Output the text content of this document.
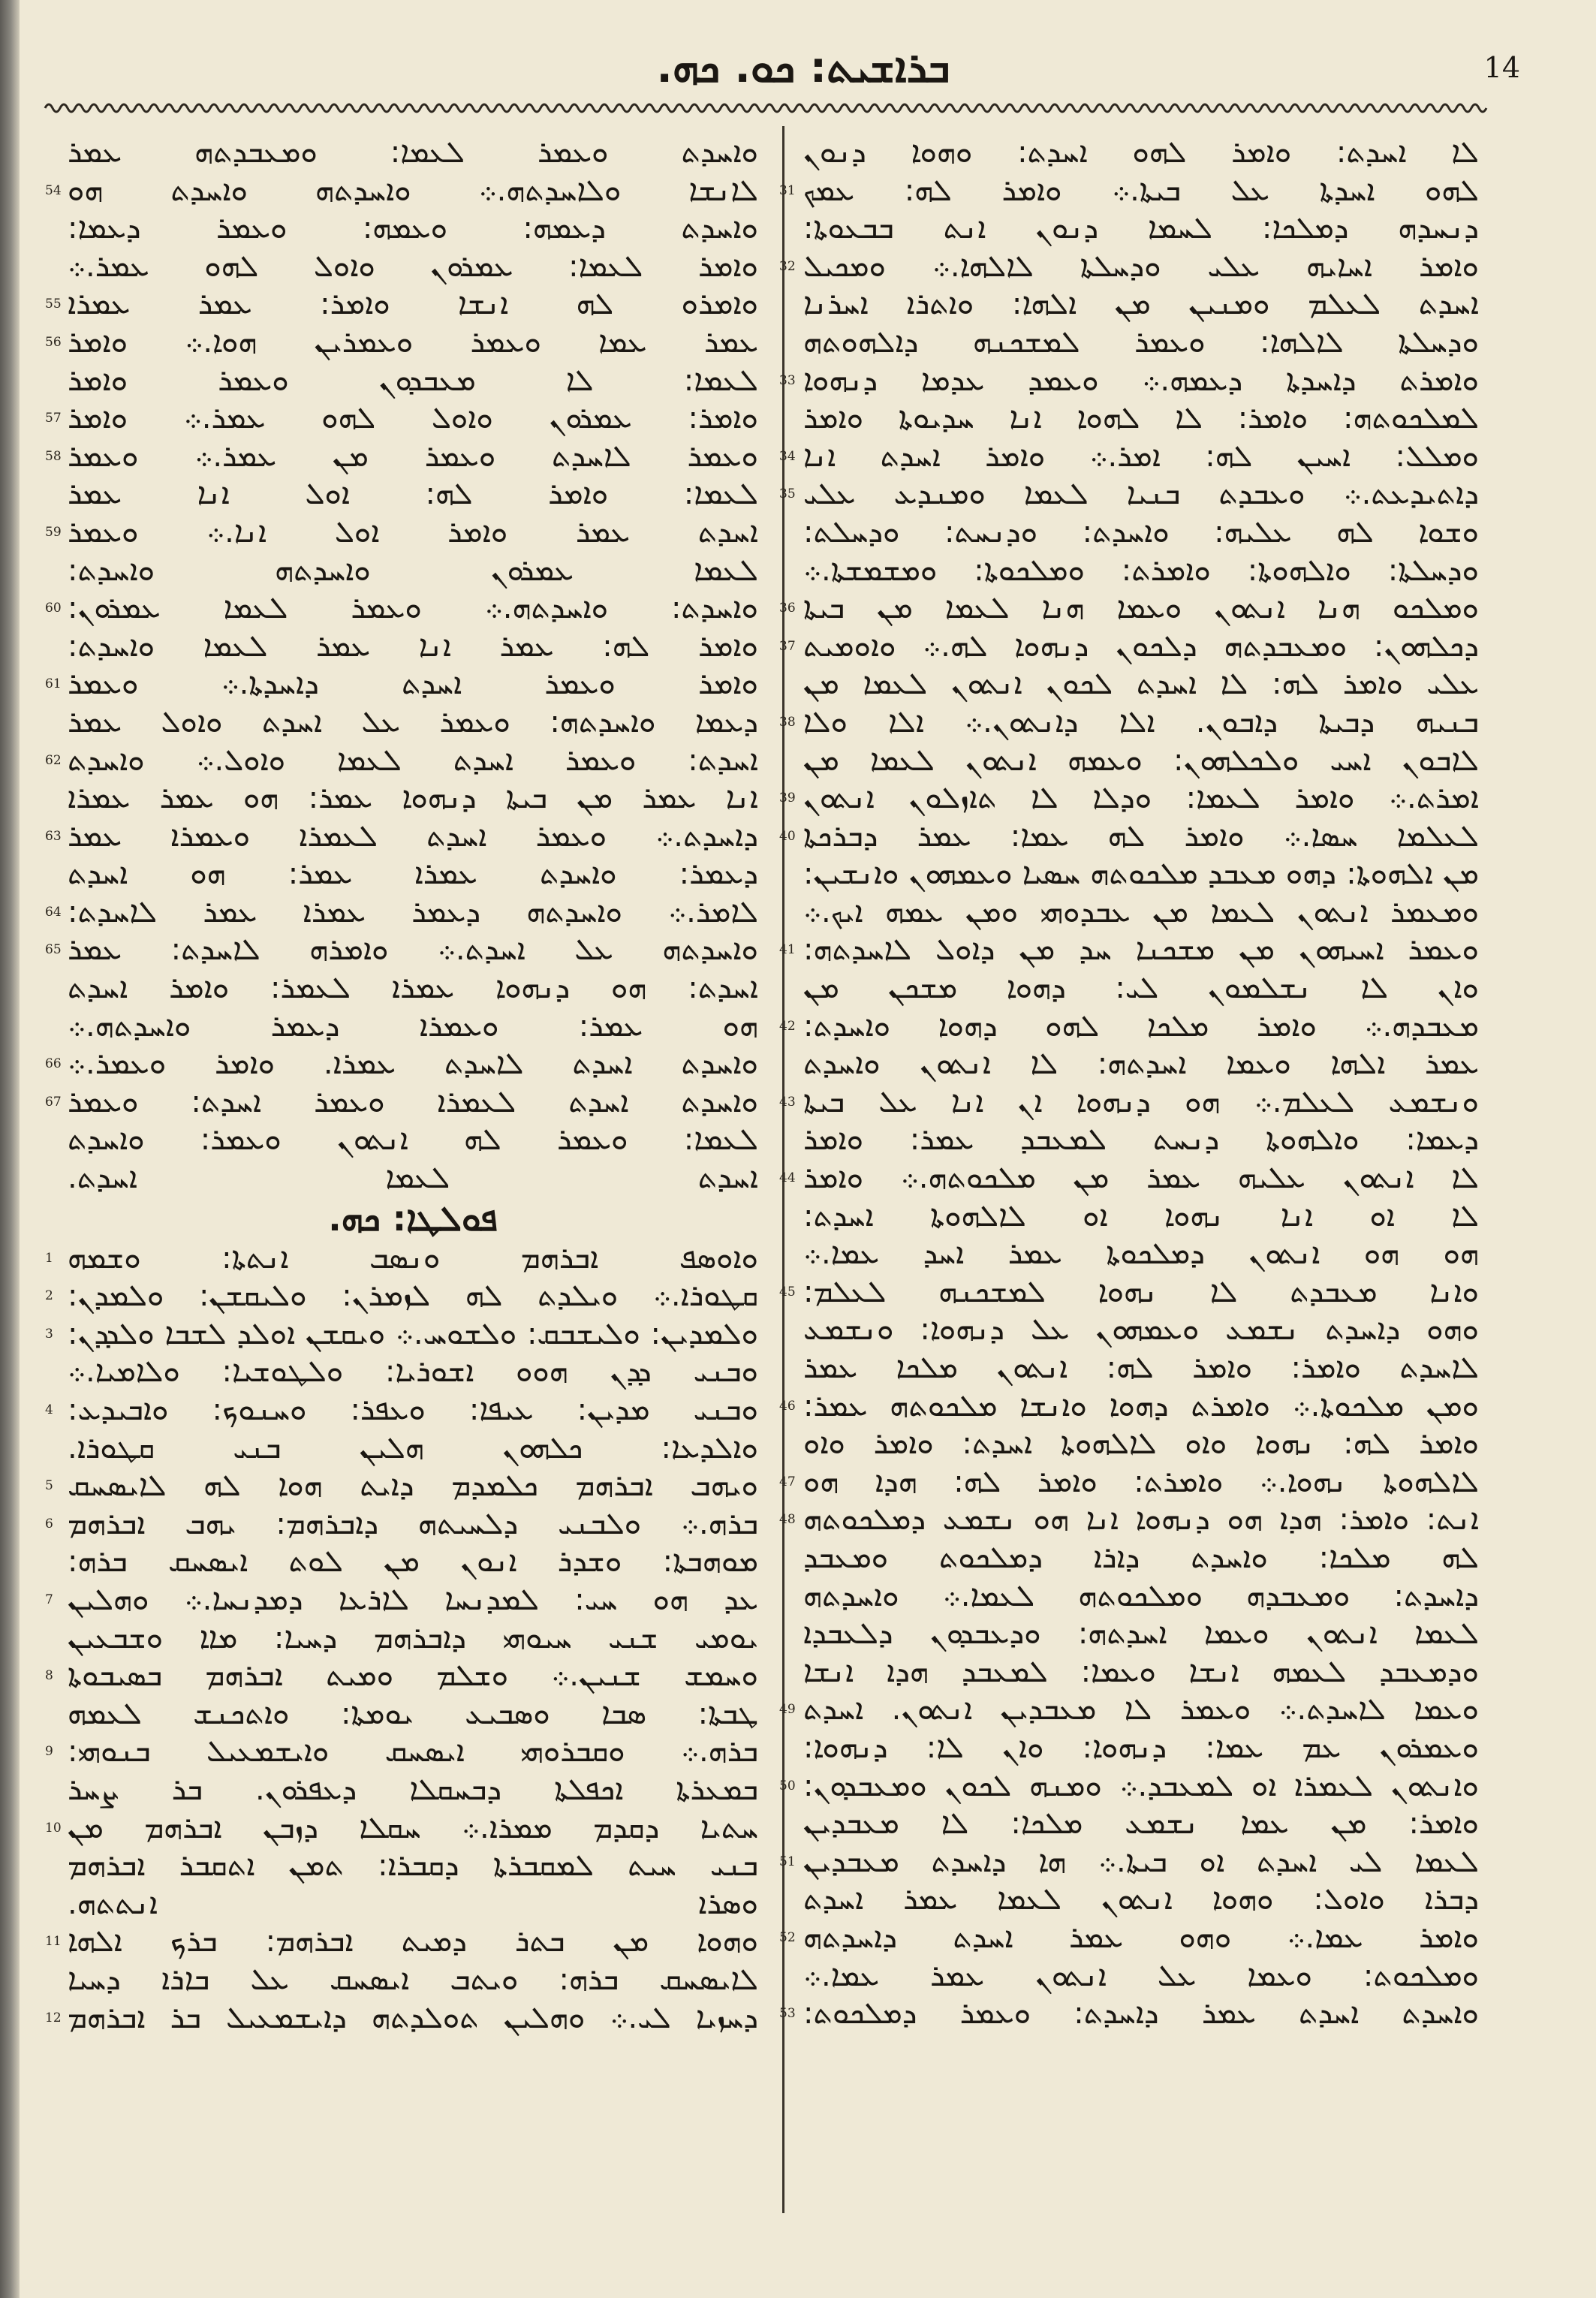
ܒܪܐܫܝܬ: ܟܘ. ܟܗ.	14
ܠܐ ܐܚܕܬ: ܘܐܡܪ ܠܗܘ ܐܚܕܬ: ܘܗܘܐ ܕܢܘܢ
ܠܗܘ ܐܚܕܬܐ ܥܠ ܒܝܬܐ.܀ ܘܐܡܪ ܠܗ: ܥܡܟ
31
ܕܢܚܕܗ ܕܡܠܟܐ: ܠܚܡܐ ܕܢܘܢ ܐܢܬ ܒܒܥܘܬܐ:
ܘܐܡܪ ܐܚܐܝܗ ܥܠܝ ܘܕܚܠܬܐ ܠܐܠܗܐ.܀ ܘܡܟܝܠ
32
ܐܚܕܬ ܠܥܠܡ ܘܡܢܝܢ ܡܢ ܐܠܗܐ: ܘܐܬܪܐ ܐܚܪܢܐ
ܘܕܚܠܬܐ ܠܐܠܗܐ: ܘܥܡܪ ܠܡܫܟܢܗ ܕܐܠܗܘܬܗ
ܘܐܡܪܬ ܕܐܚܕܬܐ ܕܥܡܗ.܀ ܘܥܡܕ ܥܕܡܐ ܕܢܗܘܐ
33
ܠܡܠܟܘܬܗ: ܘܐܡܪ: ܠܐ ܠܗܘܐ ܐܢܐ ܚܕܝܘܬܐ ܘܐܡܪ
ܘܡܠܠ: ܐܚܝܢ ܠܗ: ܐܡܪ.܀ ܘܐܡܪ ܐܚܕܬ ܐܢܐ
34
ܕܐܬܝܕܥܬ.܀ ܘܥܒܕܬ ܒܢܝܐ ܠܥܡܐ ܘܡܢܕܥ ܥܠܝ
35
ܘܫܘܐ ܠܗ ܥܠܝܗ: ܘܐܚܕܬ: ܘܕܢܚܬ: ܘܕܚܠܬ:
ܘܕܚܠܬܐ: ܘܐܠܗܘܬܐ: ܘܐܡܪܬ: ܘܡܠܟܘܬܐ: ܘܡܫܡܫܬܐ.܀
ܘܡܠܟܘ ܗܢܐ ܐܢܬܘܢ ܘܥܡܐ ܗܢܐ ܠܥܡܐ ܡܢ ܒܝܬܐ
36
ܕܟܠܗܘܢ: ܘܡܥܒܕܬܗ ܕܠܟܘܢ ܕܢܗܘܐ ܠܗ.܀ ܘܐܘܡܝܬ
37
ܥܠܝ ܘܐܡܪ ܠܗ: ܠܐ ܐܚܕܬ ܠܟܘܢ ܐܢܬܘܢ ܠܥܡܐ ܡܢ
ܒܢܝܗ ܕܒܝܬܐ ܕܐܒܘܢ. ܐܠܐ ܕܐܢܬܘܢ.܀ ܐܠܐ ܘܠܐ
38
ܠܐܒܘܢ ܐܚܝ ܘܠܟܠܗܘܢ: ܘܥܡܗ ܐܢܬܘܢ ܠܥܡܐ ܡܢ
ܐܡܪܬ.܀ ܘܐܡܪ ܠܥܡܐ: ܘܕܠܐ ܠܐ ܬܐܙܠܘܢ ܐܢܬܘܢ
39
ܠܥܠܡܐ ܚܣܐ.܀ ܘܐܡܪ ܠܗ ܥܡܐ: ܥܡܪ ܕܒܪܟܬܐ
40
ܡܢ ܐܠܗܘܬܐ: ܕܗܘ ܡܥܒܕ ܡܠܟܘܬܗ ܚܣܝܐ ܘܥܡܗܘܢ ܘܐܢܫܝܢ:
ܘܡܥܡܪ ܐܢܬܘܢ ܠܥܡܐ ܡܢ ܥܒܕܘܗܝ ܘܡܢ ܥܡܗ ܐܝܟ.܀
ܘܥܡܪ ܐܚܝܗܘܢ ܡܢ ܡܫܟܢܐ ܚܕ ܡܢ ܕܐܘܠ ܠܐܚܕܬܗ:
41
ܘܐܢ ܠܐ ܢܫܠܡܘܢ ܠܝ: ܕܗܘܐ ܡܫܟܢ ܡܢ
ܡܥܒܕܗ.܀ ܘܐܡܪ ܡܠܟܐ ܠܗܘ ܕܗܘܐ ܘܐܚܕܬ:
42
ܥܡܪ ܐܠܗܐ ܘܥܡܐ ܐܚܕܬܗ: ܠܐ ܐܢܬܘܢ ܘܐܚܕܬ
ܘܢܫܡܥ ܠܥܠܡ.܀ ܗܘ ܕܢܗܘܐ ܐܢ ܐܢܐ ܥܠ ܒܝܬܐ
43
ܕܥܡܐ: ܘܐܠܗܘܬܐ ܕܢܚܬ ܠܡܥܒܕ ܥܡܪ: ܘܐܡܪ
ܠܐ ܐܢܬܘܢ ܥܠܝܗ ܥܡܪ ܡܢ ܡܠܟܘܬܗ.܀ ܘܐܡܪ
44
ܠܐ ܐܘ ܐܢܐ ܢܗܘܐ ܐܘ ܠܐܠܗܘܬܐ ܐܚܕܬ:
ܗܘ ܗܘ ܐܢܬܘܢ ܕܡܠܟܘܬܐ ܥܡܪ ܐܚܕ ܥܡܐ.܀
ܘܐܢܐ ܡܥܒܕܬ ܠܐ ܢܗܘܐ ܠܡܫܟܢܗ ܠܥܠܡ:
45
ܘܗܘ ܕܐܚܕܬ ܢܫܡܥ ܘܥܡܗܘܢ ܥܠ ܕܢܗܘܐ: ܘܢܫܡܥ
ܠܐܚܕܬ ܘܐܡܪ: ܘܐܡܪ ܠܗ: ܐܢܬܘܢ ܡܠܟܐ ܥܡܪ
ܘܡܢ ܡܠܟܘܬܐ.܀ ܘܐܡܪܬ ܕܗܘܐ ܘܐܢܫܐ ܡܠܟܘܬܗ ܥܡܪ:
46
ܘܐܡܪ ܠܗ: ܢܗܘܐ ܘܐܘ ܠܐܠܗܘܬܐ ܐܚܕܬ: ܘܐܡܪ ܘܐܘ
ܠܐܠܗܘܬܐ ܢܗܘܐ.܀ ܘܐܡܪܬ: ܘܐܡܪ ܠܗ: ܗܕܐ ܗܘ
47
ܐܢܬ: ܘܐܡܪ: ܗܕܐ ܗܘ ܕܢܗܘܐ ܐܢܐ ܗܘ ܢܫܡܥ ܕܡܠܟܘܬܗ
48
ܠܗ ܡܠܟܐ: ܘܐܚܕܬ ܕܐܪܐ ܕܡܠܟܘܬ ܘܡܥܒܕ
ܕܐܚܕܬ: ܘܡܥܒܕܗ ܘܡܠܟܘܬܗ ܠܥܡܐ.܀ ܘܐܚܕܬܗ
ܠܥܡܐ ܐܢܬܘܢ ܘܥܡܐ ܐܚܕܬܗ: ܘܕܥܒܕܘܢ ܕܠܥܒܕܐ
ܘܕܡܥܒܕ ܠܥܡܗ ܐܢܫܐ ܘܥܡܐ: ܠܡܥܒܕ ܗܕܐ ܐܢܫܐ
ܘܥܡܐ ܠܐܚܕܬ.܀ ܘܥܡܪ ܠܐ ܡܥܒܕܝܢ ܐܢܬܘܢ. ܐܚܕܬ
49
ܘܥܡܪܘܢ ܥܡ ܥܡܐ: ܕܢܗܘܐ: ܘܐܢ ܠܐ: ܕܢܗܘܐ:
ܘܐܢܬܘܢ ܠܥܡܪܐ ܐܘ ܠܡܥܒܕ.܀ ܘܡܢܗ ܠܟܘܢ ܘܡܥܒܕܘܢ:
50
ܘܐܡܪ: ܡܢ ܥܡܐ ܢܫܡܥ ܡܠܟܐ: ܠܐ ܡܥܒܕܝܢ
ܠܥܡܐ ܠܝ ܐܚܕܬ ܐܘ ܒܝܬܐ.܀ ܗܐ ܕܐܚܕܬ ܡܥܒܕܝܢ
51
ܕܒܪܐ ܘܐܘܠ: ܘܗܘܐ ܐܢܬܘܢ ܠܥܡܐ ܥܡܪ ܐܚܕܬ
ܘܐܡܪ ܥܡܐ.܀ ܘܗܘ ܥܡܪ ܐܚܕܬ ܕܐܚܕܬܗ
52
ܘܡܠܟܘܬ: ܘܥܡܐ ܥܠ ܐܢܬܘܢ ܥܡܪ ܥܡܐ.܀
ܘܐܚܕܬ ܐܚܕܬ ܥܡܪ ܕܐܚܕܬ: ܘܥܡܪ ܕܡܠܟܘܬ:
53
ܘܐܚܕܬ ܘܥܡܪ ܠܥܡܐ: ܘܡܥܒܕܬܗ ܥܡܪ
ܠܐܢܫܐ ܘܠܐܚܕܬܗ.܀ ܘܐܚܕܬܗ ܘܐܚܕܬ ܗܘ
54
ܘܐܚܕܬ ܕܥܡܗ: ܘܥܡܗ: ܘܥܡܪ ܕܥܡܐ:
ܘܐܡܪ ܠܥܡܐ: ܥܡܪܘܢ ܘܐܘܠ ܠܗܘ ܥܡܪ.܀
ܘܐܡܪܘ ܠܗ ܐܢܫܐ ܘܐܡܪ: ܥܡܪ ܥܡܪܐ
55
ܥܡܪ ܥܡܐ ܘܥܡܪ ܘܥܡܪܝܢ ܗܘܐ.܀ ܘܐܡܪ
56
ܠܥܡܐ: ܠܐ ܡܥܒܕܘܢ ܘܥܡܪ ܘܐܡܪ
ܘܐܡܪ: ܥܡܪܘܢ ܘܐܘܠ ܠܗܘ ܥܡܪ.܀ ܘܐܡܪ
57
ܘܥܡܪ ܠܐܚܕܬ ܘܥܡܪ ܡܢ ܥܡܪ.܀ ܘܥܡܪ
58
ܠܥܡܐ: ܘܐܡܪ ܠܗ: ܐܘܠ ܐܢܐ ܥܡܪ
ܐܚܕܬ ܥܡܪ ܘܐܡܪ ܐܘܠ ܐܢܐ.܀ ܘܥܡܪ
59
ܠܥܡܐ ܥܡܪܘܢ ܘܐܚܕܬܗ ܘܐܚܕܬ:
ܘܐܚܕܬ: ܘܐܚܕܬܗ.܀ ܘܥܡܪ ܠܥܡܐ ܥܡܪܘܢ:
60
ܘܐܡܪ ܠܗ: ܥܡܪ ܐܢܐ ܥܡܪ ܠܥܡܐ ܘܐܚܕܬ:
ܘܐܡܪ ܘܥܡܪ ܐܚܕܬ ܕܐܚܕܬܐ.܀ ܘܥܡܪ
61
ܕܥܡܐ ܘܐܚܕܬܗ: ܘܥܡܪ ܥܠ ܐܚܕܬ ܘܐܘܠ ܥܡܪ
ܐܚܕܬ: ܘܥܡܪ ܐܚܕܬ ܠܥܡܐ ܘܐܘܠ.܀ ܘܐܚܕܬ
62
ܐܢܐ ܥܡܪ ܡܢ ܒܝܬܐ ܕܢܗܘܐ ܥܡܪ: ܗܘ ܥܡܪ ܥܡܪܐ
ܕܐܚܕܬ.܀ ܘܥܡܪ ܐܚܕܬ ܠܥܡܪܐ ܘܥܡܪܐ ܥܡܪ
63
ܕܥܡܪ: ܘܐܚܕܬ ܥܡܪܐ ܥܡܪ: ܗܘ ܐܚܕܬ
ܠܐܡܪ.܀ ܘܐܚܕܬܗ ܕܥܡܪ ܥܡܪܐ ܥܡܪ ܠܐܚܕܬ:
64
ܘܐܚܕܬܗ ܥܠ ܐܚܕܬ.܀ ܘܐܡܪܗ ܠܐܚܕܬ: ܥܡܪ
65
ܐܚܕܬ: ܗܘ ܕܢܗܘܐ ܥܡܪܐ ܠܥܡܪ: ܘܐܡܪ ܐܚܕܬ
ܗܘ ܥܡܪ: ܘܥܡܪܐ ܕܥܡܪ ܘܐܚܕܬܗ.܀
ܘܐܚܕܬ ܐܚܕܬ ܠܐܚܕܬ ܥܡܪܐ. ܘܐܡܪ ܘܥܡܪ.܀
66
ܘܐܚܕܬ ܐܚܕܬ ܠܥܡܪܐ ܘܥܡܪ ܐܚܕܬ: ܘܥܡܪ
67
ܠܥܡܐ: ܘܥܡܪ ܠܗ ܐܢܬܘܢ ܘܥܡܪ: ܘܐܚܕܬ
ܐܚܕܬ ܠܥܡܐ ܐܚܕܬ.
ܦܘܠܛܐ: ܟܗ.
ܘܐܘܣܦ ܐܒܪܗܡ ܘܢܣܒ ܐܢܬܬܐ: ܘܫܡܗ
1
ܩܛܘܪܐ.܀ ܘܝܠܕܬ ܠܗ ܠܙܡܪܢ: ܘܠܝܩܫܢ: ܘܠܡܕܢ:
2
ܘܠܡܕܝܢ: ܘܠܝܫܒܩ: ܘܠܫܘܚ.܀ ܘܝܩܫܢ ܐܘܠܕ ܠܫܒܐ ܘܠܕܕܢ:
3
ܘܒܢܝ ܕܕܢ ܗܘܘ ܐܫܘܪܝܐ: ܘܠܛܘܫܝܐ: ܘܠܐܡܝܐ.܀
ܘܒܢܝ ܡܕܝܢ: ܥܝܦܐ: ܘܥܦܪ: ܘܚܢܘܟ: ܘܐܒܝܕܥ:
4
ܘܐܠܕܥܐ: ܟܠܗܘܢ ܗܠܝܢ ܒܢܝ ܩܛܘܪܐ.
ܘܝܗܒ ܐܒܪܗܡ ܟܠܡܕܡ ܕܐܝܬ ܗܘܐ ܠܗ ܠܐܝܣܚܩ
5
ܒܪܗ.܀ ܘܠܒܢܝ ܕܠܚܝܬܗ ܕܐܒܪܗܡ: ܝܗܒ ܐܒܪܗܡ
6
ܡܘܗܒܬܐ: ܘܫܕܪ ܐܢܘܢ ܡܢ ܠܘܬ ܐܝܣܚܩ ܒܪܗ:
ܥܕ ܗܘ ܚܝ: ܠܡܕܢܚܐ ܠܐܪܥܐ ܕܡܕܢܚܐ.܀ ܘܗܠܝܢ
7
ܝܘܡܝ ܫܢܝ ܚܝܘܗܝ ܕܐܒܪܗܡ ܕܚܝܐ: ܡܐܐ ܘܫܒܥܝܢ
ܘܚܡܫ ܫܢܝܢ.܀ ܘܫܠܡ ܘܡܝܬ ܐܒܪܗܡ ܒܣܝܒܘܬܐ
8
ܛܒܬܐ: ܣܒܐ ܘܣܒܝܥ ܝܘܡܬܐ: ܘܐܬܟܢܫ ܠܥܡܗ
ܒܪܗ.܀ ܘܩܒܪܘܗܝ ܐܝܣܚܩ ܘܐܝܫܡܥܝܠ ܒܢܘܗܝ:
9
ܒܡܥܪܬܐ ܐܟܦܠܬܐ ܕܒܚܩܠܐ ܕܥܦܪܘܢ. ܒܪ ܨܚܪ
ܚܬܝܐ ܕܩܕܡ ܡܡܪܐ.܀ ܚܩܠܐ ܕܙܒܢ ܐܒܪܗܡ ܡܢ
10
ܒܢܝ ܚܝܬ ܠܡܩܒܪܬܐ ܕܩܒܪܐ: ܬܡܢ ܐܬܩܒܪ ܐܒܪܗܡ
ܘܣܪܐ ܐܢܬܬܗ.
ܘܗܘܐ ܡܢ ܒܬܪ ܕܡܝܬ ܐܒܪܗܡ: ܒܪܟ ܐܠܗܐ
11
ܠܐܝܣܚܩ ܒܪܗ: ܘܝܬܒ ܐܝܣܚܩ ܥܠ ܒܐܪܐ ܕܚܝܐ
ܕܚܙܝܐ ܠܝ.܀ ܘܗܠܝܢ ܬܘܠܕܬܗ ܕܐܝܫܡܥܝܠ ܒܪ ܐܒܪܗܡ
12
